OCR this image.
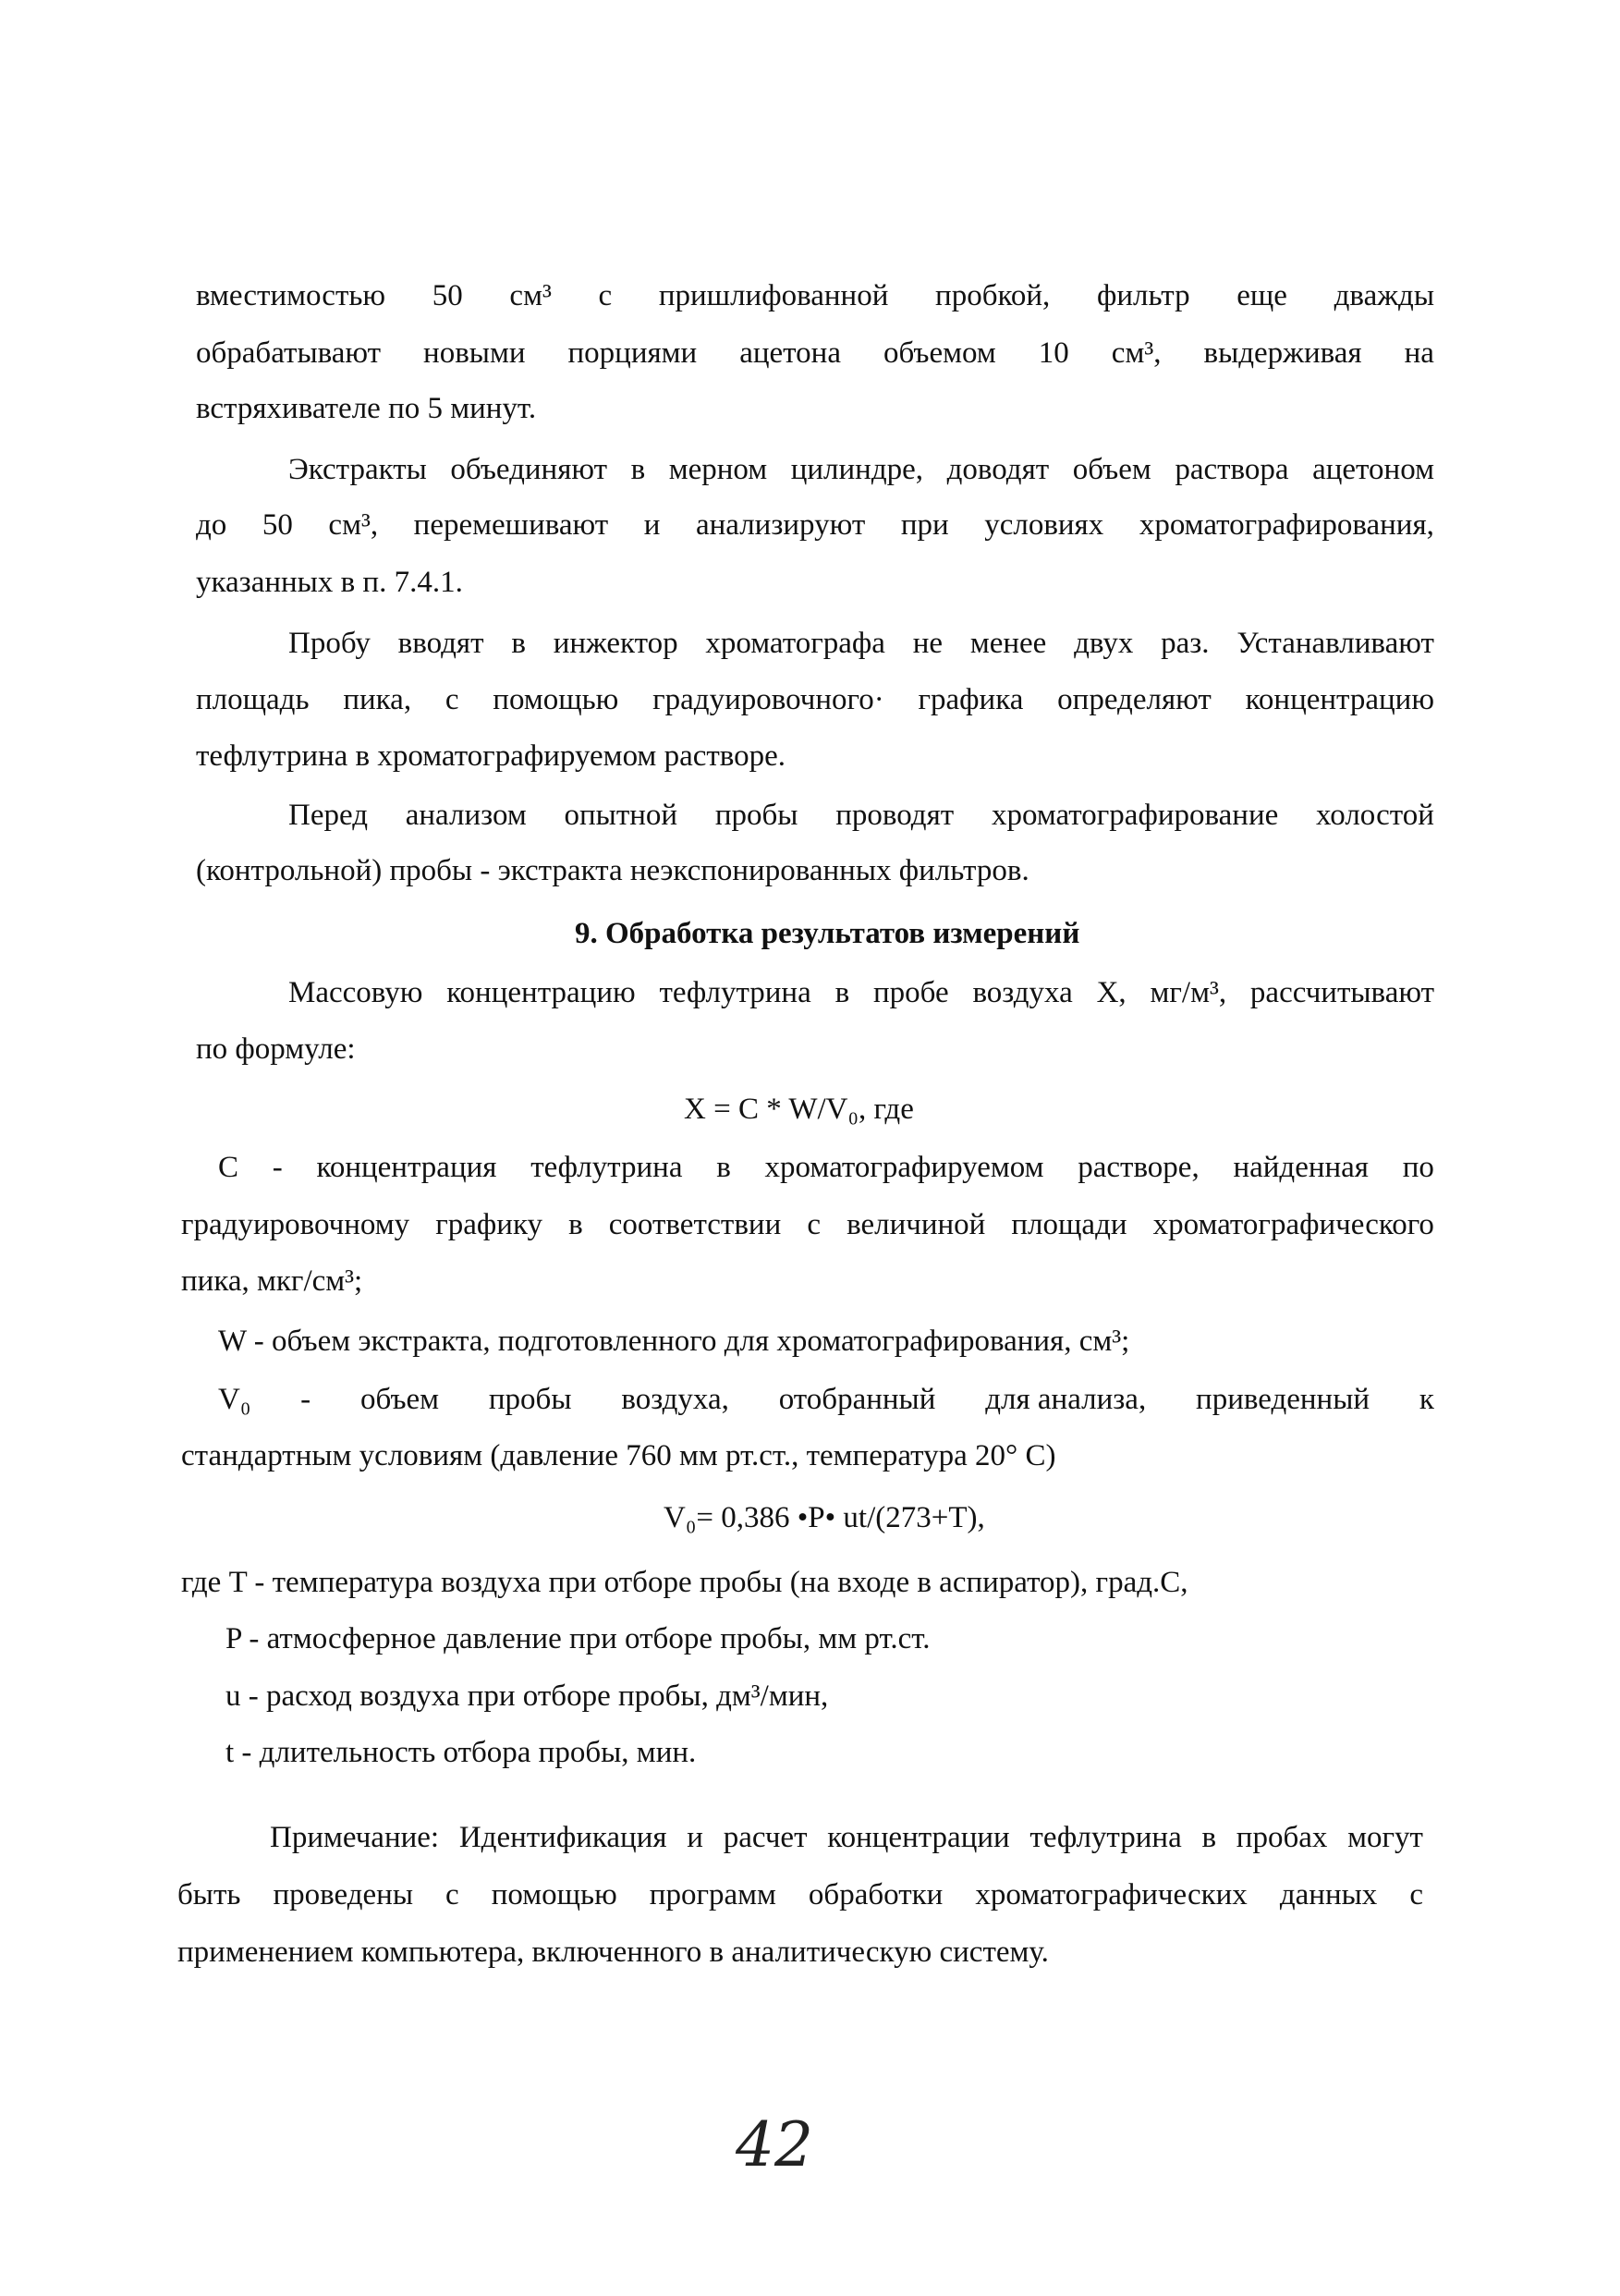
вместимостью 50 см³ с пришлифованной пробкой, фильтр еще дважды
обрабатывают новыми порциями ацетона объемом 10 см³, выдерживая на
встряхивателе по 5 минут.
Экстракты объединяют в мерном цилиндре, доводят объем раствора ацетоном
до 50 см³, перемешивают и анализируют при условиях хроматографирования,
указанных в п. 7.4.1.
Пробу вводят в инжектор хроматографа не менее двух раз. Устанавливают
площадь пика, с помощью градуировочного· графика определяют концентрацию
тефлутрина в хроматографируемом растворе.
Перед анализом опытной пробы проводят хроматографирование холостой
(контрольной) пробы - экстракта неэкспонированных фильтров.
9. Обработка результатов измерений
Массовую концентрацию тефлутрина в пробе воздуха X, мг/м³, рассчитывают
по формуле:
X = C * W/V₀, где
C - концентрация тефлутрина в хроматографируемом растворе, найденная по
градуировочному графику в соответствии с величиной площади хроматографического
пика, мкг/см³;
W - объем экстракта, подготовленного для хроматографирования, см³;
V₀ - объем пробы воздуха, отобранный для анализа, приведенный к
стандартным условиям (давление 760 мм рт.ст., температура 20° С)
V₀= 0,386 •P• ut/(273+T),
где T - температура воздуха при отборе пробы (на входе в аспиратор), град.С,
P - атмосферное давление при отборе пробы, мм рт.ст.
u - расход воздуха при отборе пробы, дм³/мин,
t - длительность отбора пробы, мин.
Примечание: Идентификация и расчет концентрации тефлутрина в пробах могут
быть проведены с помощью программ обработки хроматографических данных с
применением компьютера, включенного в аналитическую систему.
42
